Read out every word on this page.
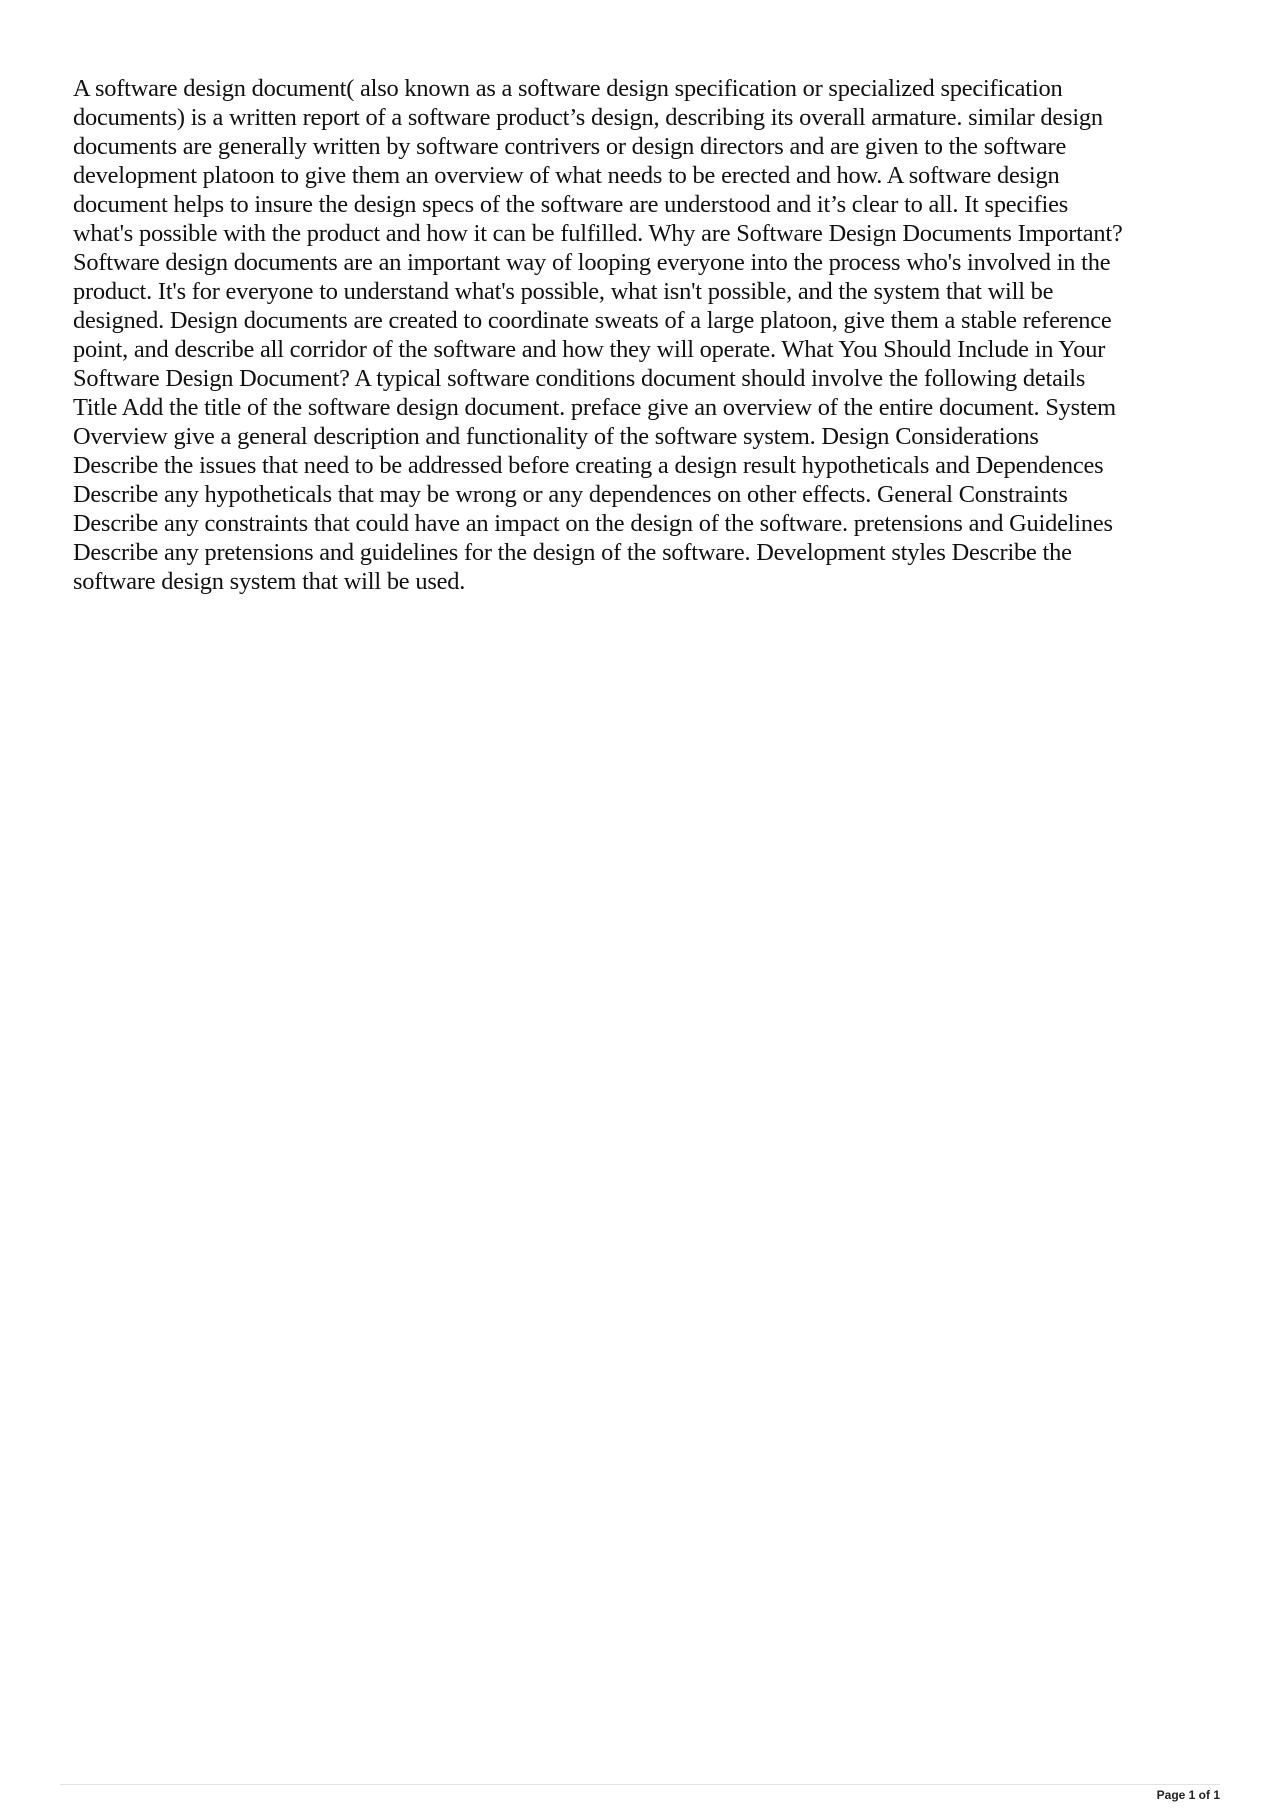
A software design document( also known as a software design specification or specialized specification
documents) is a written report of a software product’s design, describing its overall armature. similar design
documents are generally written by software contrivers or design directors and are given to the software
development platoon to give them an overview of what needs to be erected and how. A software design
document helps to insure the design specs of the software are understood and it’s clear to all. It specifies
what's possible with the product and how it can be fulfilled. Why are Software Design Documents Important?
Software design documents are an important way of looping everyone into the process who's involved in the
product. It's for everyone to understand what's possible, what isn't possible, and the system that will be
designed. Design documents are created to coordinate sweats of a large platoon, give them a stable reference
point, and describe all corridor of the software and how they will operate. What You Should Include in Your
Software Design Document? A typical software conditions document should involve the following details
Title Add the title of the software design document. preface give an overview of the entire document. System
Overview give a general description and functionality of the software system. Design Considerations
Describe the issues that need to be addressed before creating a design result hypotheticals and Dependences
Describe any hypotheticals that may be wrong or any dependences on other effects. General Constraints
Describe any constraints that could have an impact on the design of the software. pretensions and Guidelines
Describe any pretensions and guidelines for the design of the software. Development styles Describe the
software design system that will be used.

Page 1 of 1
